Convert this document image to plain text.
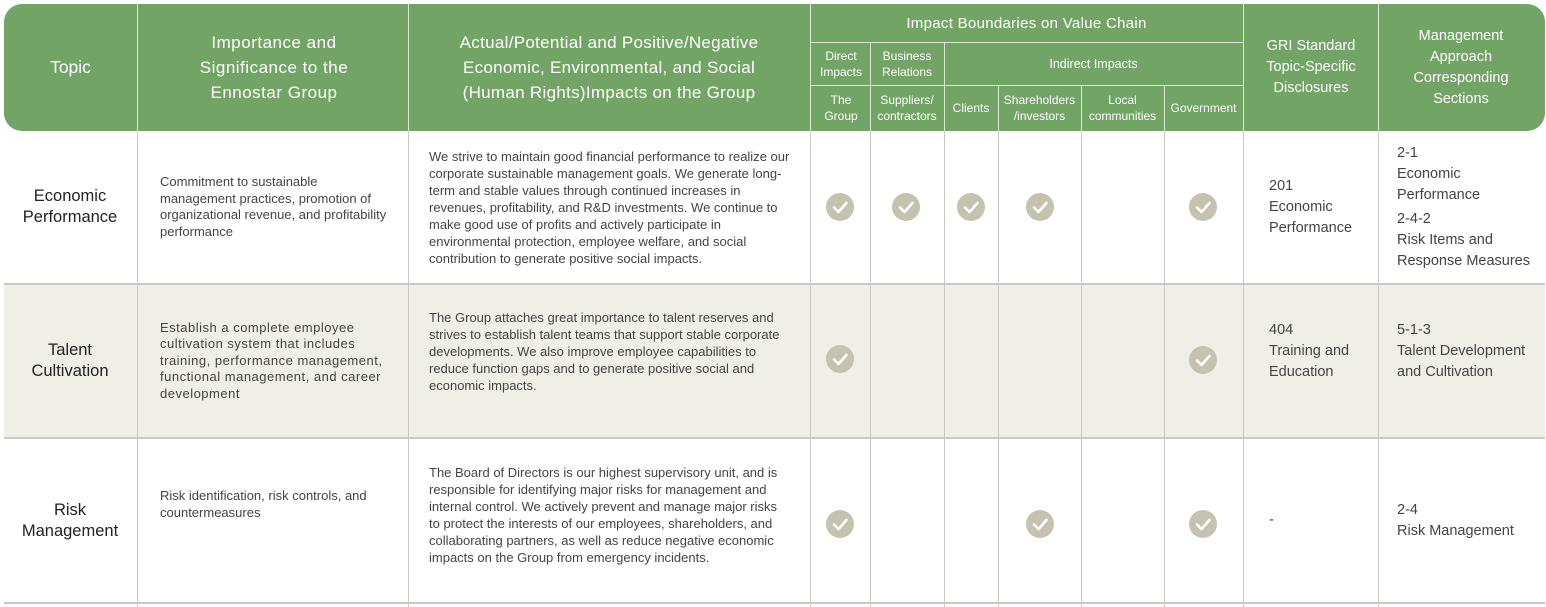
Topic
Importance and Significance to the Ennostar Group
Actual/Potential and Positive/Negative Economic, Environmental, and Social (Human Rights)Impacts on the Group
Impact Boundaries on Value Chain
Direct Impacts
Business Relations
Indirect Impacts
The Group
Suppliers/ contractors
Clients
Shareholders /investors
Local communities
Government
GRI Standard Topic-Specific Disclosures
Management Approach Corresponding Sections
Economic Performance
Commitment to sustainable management practices, promotion of organizational revenue, and profitability performance
We strive to maintain good financial performance to realize our corporate sustainable management goals. We generate long-term and stable values through continued increases in revenues, profitability, and R&D investments. We continue to make good use of profits and actively participate in environmental protection, employee welfare, and social contribution to generate positive social impacts.
201
Economic Performance
2-1
Economic Performance
2-4-2
Risk Items and Response Measures
Talent Cultivation
Establish a complete employee cultivation system that includes training, performance management, functional management, and career development
The Group attaches great importance to talent reserves and strives to establish talent teams that support stable corporate developments. We also improve employee capabilities to reduce function gaps and to generate positive social and economic impacts.
404
Training and Education
5-1-3
Talent Development and Cultivation
Risk Management
Risk identification, risk controls, and countermeasures
The Board of Directors is our highest supervisory unit, and is responsible for identifying major risks for management and internal control. We actively prevent and manage major risks to protect the interests of our employees, shareholders, and collaborating partners, as well as reduce negative economic impacts on the Group from emergency incidents.
-
2-4
Risk Management
